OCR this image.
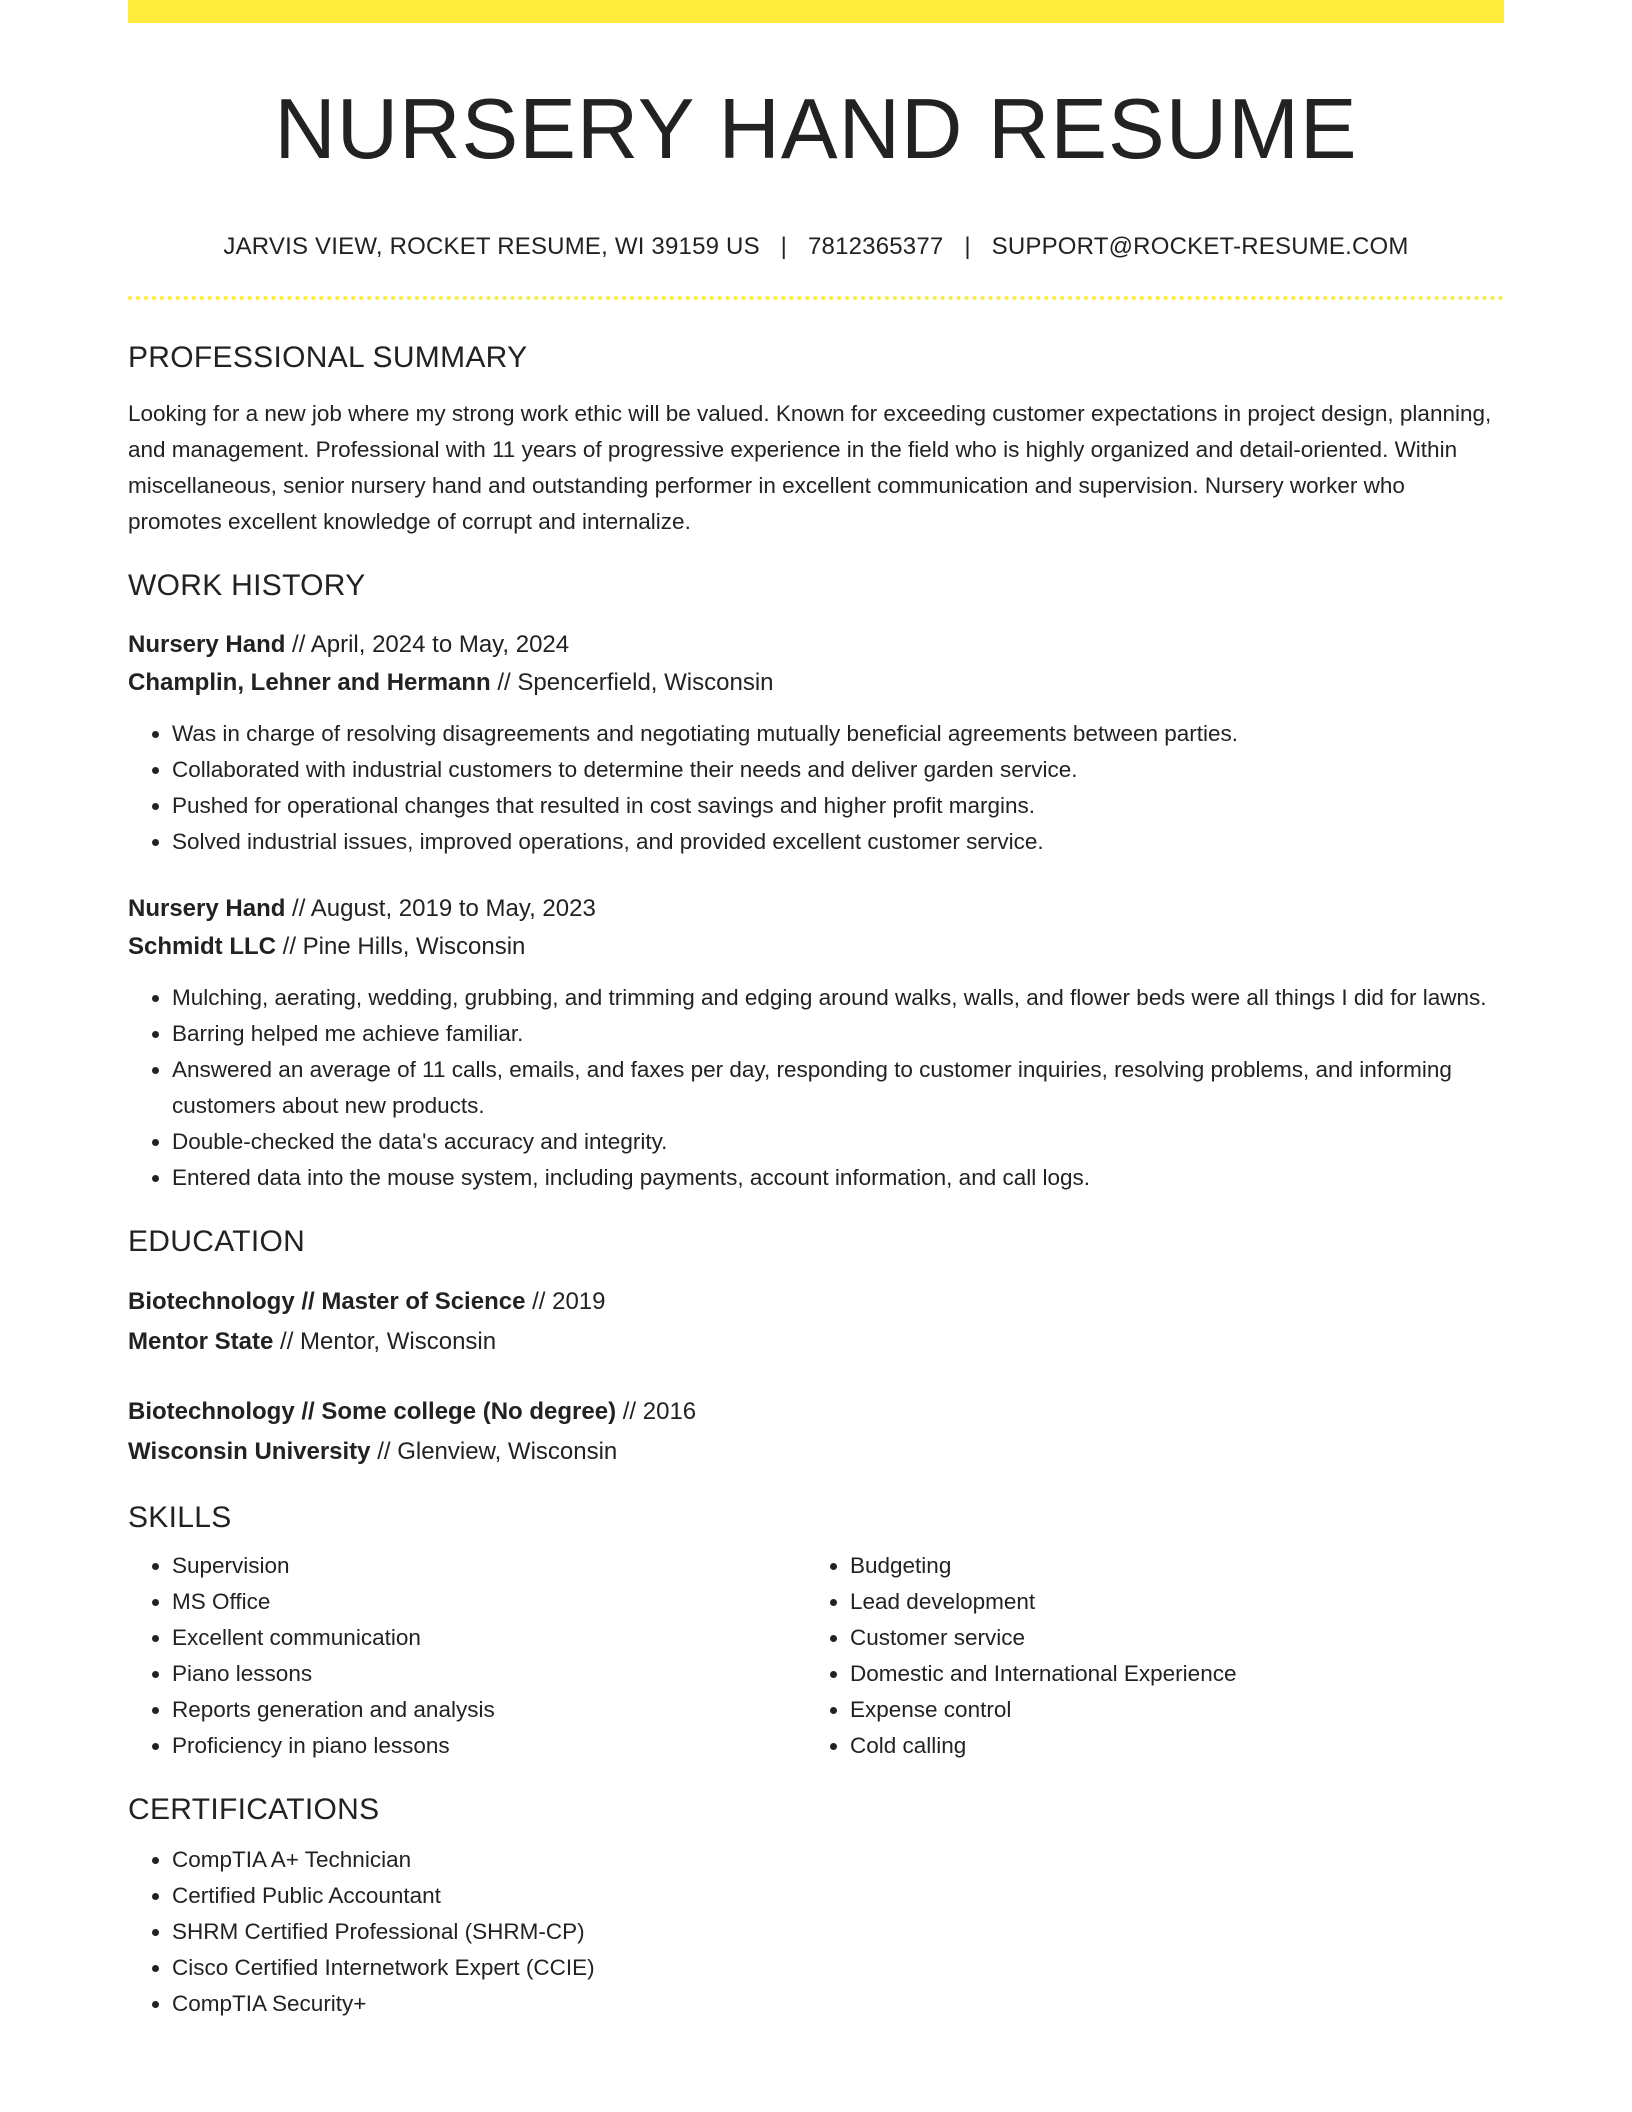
NURSERY HAND RESUME
JARVIS VIEW, ROCKET RESUME, WI 39159 US | 7812365377 | SUPPORT@ROCKET-RESUME.COM
PROFESSIONAL SUMMARY
Looking for a new job where my strong work ethic will be valued. Known for exceeding customer expectations in project design, planning, and management. Professional with 11 years of progressive experience in the field who is highly organized and detail-oriented. Within miscellaneous, senior nursery hand and outstanding performer in excellent communication and supervision. Nursery worker who promotes excellent knowledge of corrupt and internalize.
WORK HISTORY
Nursery Hand // April, 2024 to May, 2024
Champlin, Lehner and Hermann // Spencerfield, Wisconsin
• Was in charge of resolving disagreements and negotiating mutually beneficial agreements between parties.
• Collaborated with industrial customers to determine their needs and deliver garden service.
• Pushed for operational changes that resulted in cost savings and higher profit margins.
• Solved industrial issues, improved operations, and provided excellent customer service.
Nursery Hand // August, 2019 to May, 2023
Schmidt LLC // Pine Hills, Wisconsin
• Mulching, aerating, wedding, grubbing, and trimming and edging around walks, walls, and flower beds were all things I did for lawns.
• Barring helped me achieve familiar.
• Answered an average of 11 calls, emails, and faxes per day, responding to customer inquiries, resolving problems, and informing customers about new products.
• Double-checked the data's accuracy and integrity.
• Entered data into the mouse system, including payments, account information, and call logs.
EDUCATION
Biotechnology // Master of Science // 2019
Mentor State // Mentor, Wisconsin
Biotechnology // Some college (No degree) // 2016
Wisconsin University // Glenview, Wisconsin
SKILLS
• Supervision
• MS Office
• Excellent communication
• Piano lessons
• Reports generation and analysis
• Proficiency in piano lessons
• Budgeting
• Lead development
• Customer service
• Domestic and International Experience
• Expense control
• Cold calling
CERTIFICATIONS
• CompTIA A+ Technician
• Certified Public Accountant
• SHRM Certified Professional (SHRM-CP)
• Cisco Certified Internetwork Expert (CCIE)
• CompTIA Security+
